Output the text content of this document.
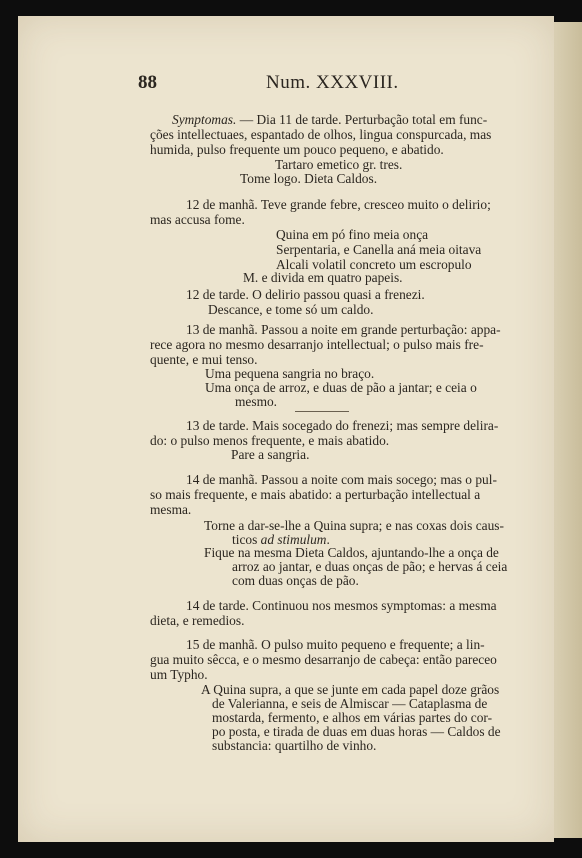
88	Num. XXXVIII.
Symptomas. — Dia 11 de tarde. Perturbação total em func-
ções intellectuaes, espantado de olhos, lingua conspurcada, mas
humida, pulso frequente um pouco pequeno, e abatido.
Tartaro emetico gr. tres.
Tome logo. Dieta Caldos.
12 de manhã. Teve grande febre, cresceo muito o delirio;
mas accusa fome.
Quina em pó fino meia onça
Serpentaria, e Canella aná meia oitava
Alcali volatil concreto um escropulo
M. e divida em quatro papeis.
12 de tarde. O delirio passou quasi a frenezi.
Descance, e tome só um caldo.
13 de manhã. Passou a noite em grande perturbação: appa-
rece agora no mesmo desarranjo intellectual; o pulso mais fre-
quente, e mui tenso.
Uma pequena sangria no braço.
Uma onça de arroz, e duas de pão a jantar; e ceia o
mesmo.
13 de tarde. Mais socegado do frenezi; mas sempre delira-
do: o pulso menos frequente, e mais abatido.
Pare a sangria.
14 de manhã. Passou a noite com mais socego; mas o pul-
so mais frequente, e mais abatido: a perturbação intellectual a
mesma.
Torne a dar-se-lhe a Quina supra; e nas coxas dois caus-
ticos ad stimulum.
Fique na mesma Dieta Caldos, ajuntando-lhe a onça de
arroz ao jantar, e duas onças de pão; e hervas á ceia
com duas onças de pão.
14 de tarde. Continuou nos mesmos symptomas: a mesma
dieta, e remedios.
15 de manhã. O pulso muito pequeno e frequente; a lin-
gua muito sêcca, e o mesmo desarranjo de cabeça: então pareceo
um Typho.
A Quina supra, a que se junte em cada papel doze grãos
de Valerianna, e seis de Almiscar — Cataplasma de
mostarda, fermento, e alhos em várias partes do cor-
po posta, e tirada de duas em duas horas — Caldos de
substancia: quartilho de vinho.
